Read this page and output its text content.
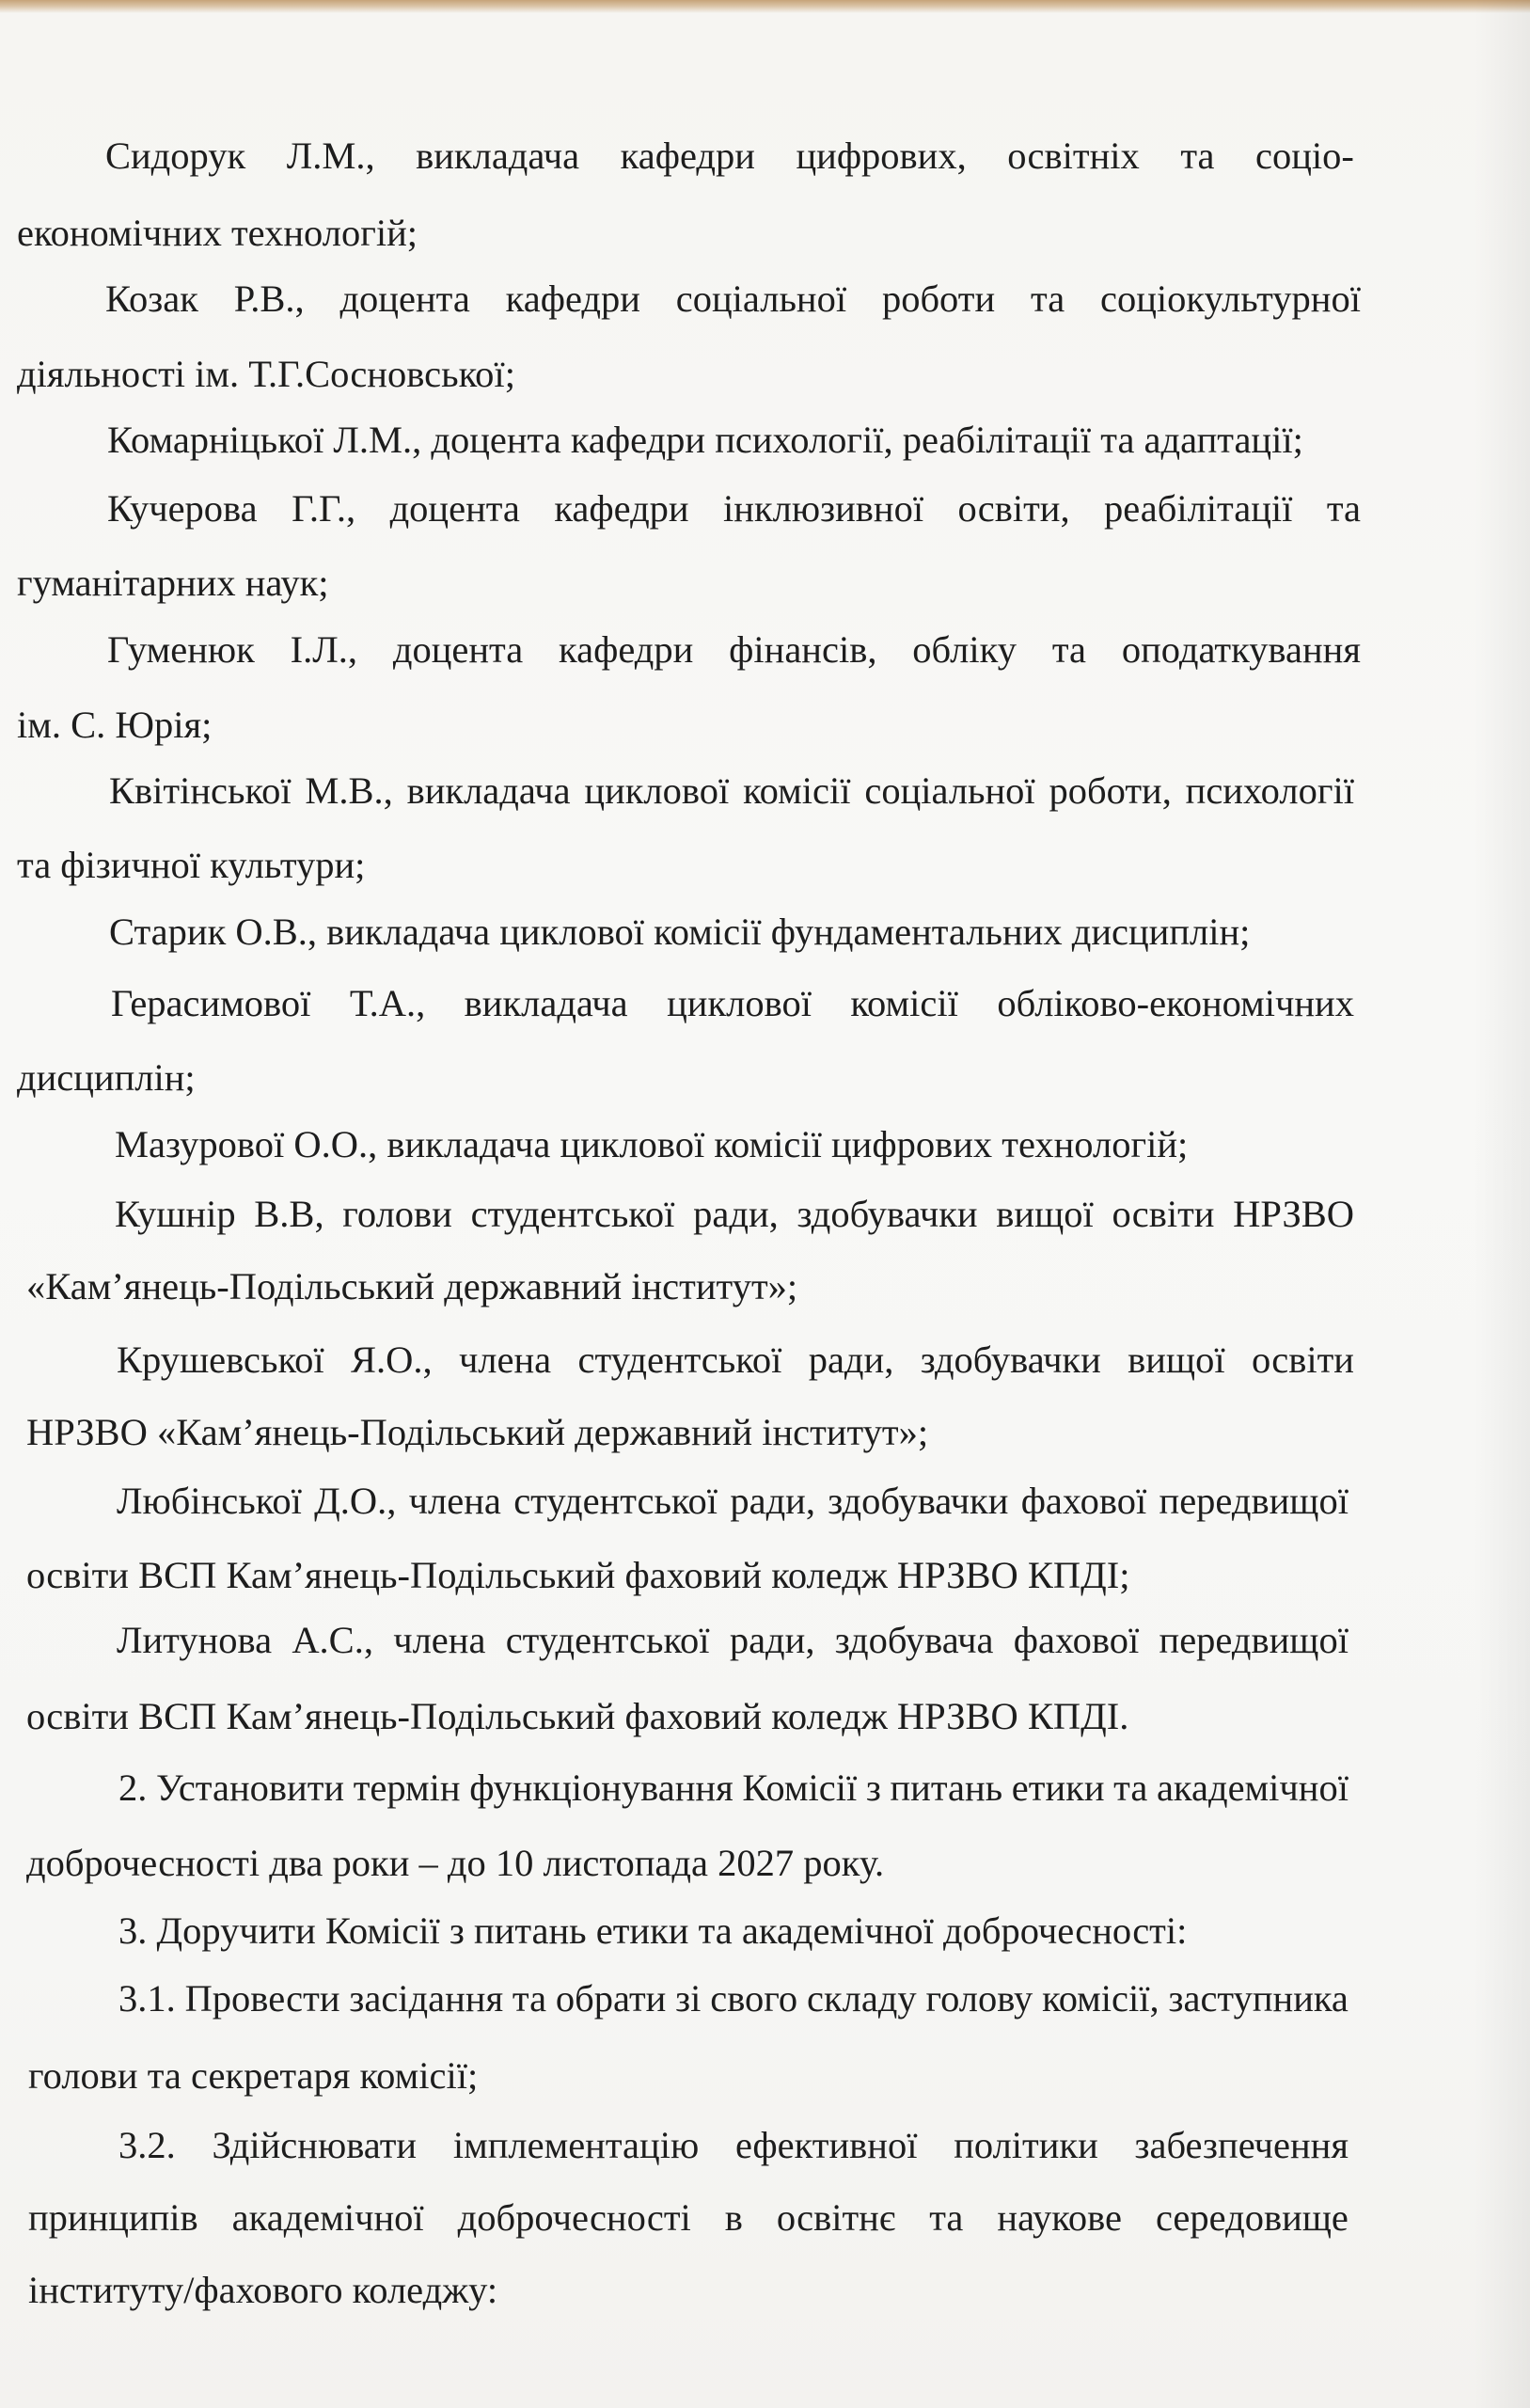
Сидорук Л.М., викладача кафедри цифрових, освітніх та соціо-
економічних технологій;
Козак Р.В., доцента кафедри соціальної роботи та соціокультурної
діяльності ім. Т.Г.Сосновської;
Комарніцької Л.М., доцента кафедри психології, реабілітації та адаптації;
Кучерова Г.Г., доцента кафедри інклюзивної освіти, реабілітації та
гуманітарних наук;
Гуменюк І.Л., доцента кафедри фінансів, обліку та оподаткування
ім. С. Юрія;
Квітінської М.В., викладача циклової комісії соціальної роботи, психології
та фізичної культури;
Старик О.В., викладача циклової комісії фундаментальних дисциплін;
Герасимової Т.А., викладача циклової комісії обліково-економічних
дисциплін;
Мазурової О.О., викладача циклової комісії цифрових технологій;
Кушнір В.В, голови студентської ради, здобувачки вищої освіти НРЗВО
«Кам’янець-Подільський державний інститут»;
Крушевської Я.О., члена студентської ради, здобувачки вищої освіти
НРЗВО «Кам’янець-Подільський державний інститут»;
Любінської Д.О., члена студентської ради, здобувачки фахової передвищої
освіти ВСП Кам’янець-Подільський фаховий коледж НРЗВО КПДІ;
Литунова А.С., члена студентської ради, здобувача фахової передвищої
освіти ВСП Кам’янець-Подільський фаховий коледж НРЗВО КПДІ.
2. Установити термін функціонування Комісії з питань етики та академічної
доброчесності два роки – до 10 листопада 2027 року.
3. Доручити Комісії з питань етики та академічної доброчесності:
3.1. Провести засідання та обрати зі свого складу голову комісії, заступника
голови та секретаря комісії;
3.2. Здійснювати імплементацію ефективної політики забезпечення
принципів академічної доброчесності в освітнє та наукове середовище
інституту/фахового коледжу:
